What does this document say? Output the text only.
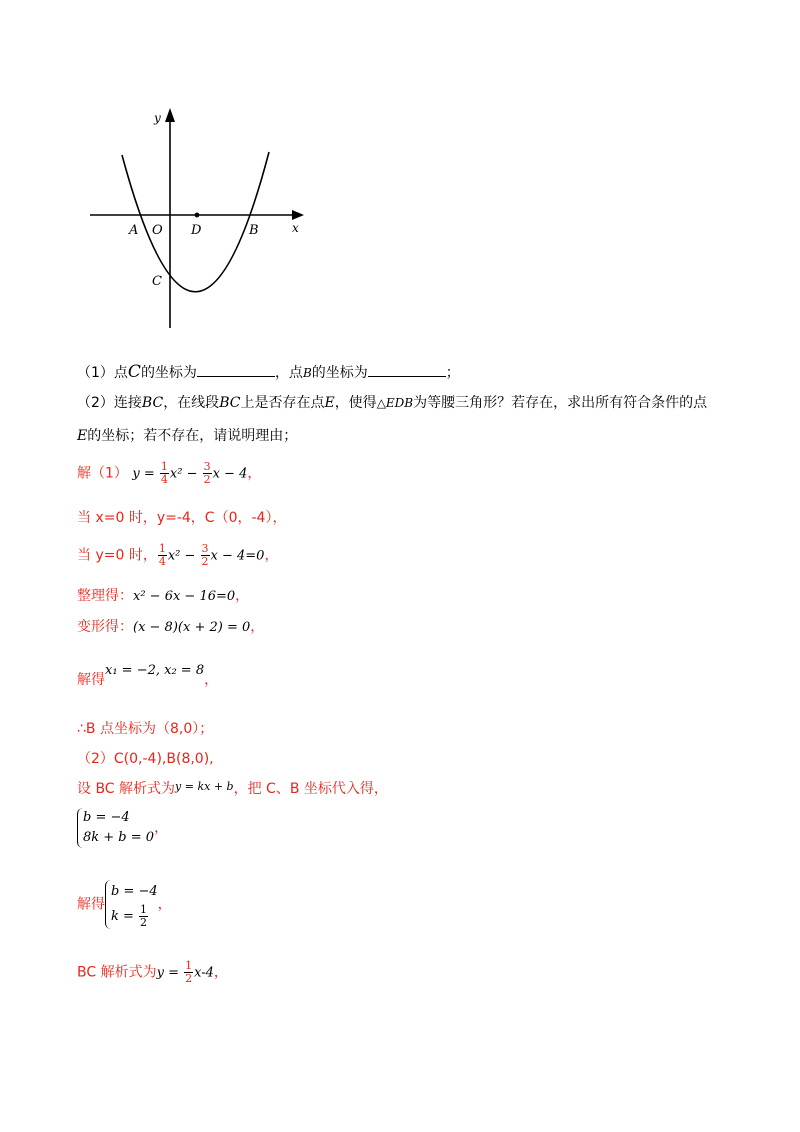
y
x
A O D	B
C
（1）点C的坐标为	，点B的坐标为	；
（2）连接BC，在线段BC上是否存在点E，使得△EDB为等腰三角形？若存在，求出所有符合条件的点
E的坐标；若不存在，请说明理由；
解（1） $y = \frac{1}{4} x^2 - \frac{3}{2}$ x − 4，
当 x=0 时，y=-4，C（0，-4），
当 y=0 时， $\frac{1}{4} x^2 - \frac{3}{2}$ x − 4=0，
整理得：x² − 6x − 16=0，
变形得：(x − 8)(x + 2) = 0，
解得x₁ = −2, x₂ = 8，
∴B 点坐标为（8,0）；
（2）C(0,-4),B(8,0),
设 BC 解析式为$^{y = kx + b}$，把 C、B 坐标代入得，
b = −4
8k + b = 0
，
解得
b = −4
$k = \frac{1}{2}$ ，
BC 解析式为$y = \frac{1}{2} x-4$，
